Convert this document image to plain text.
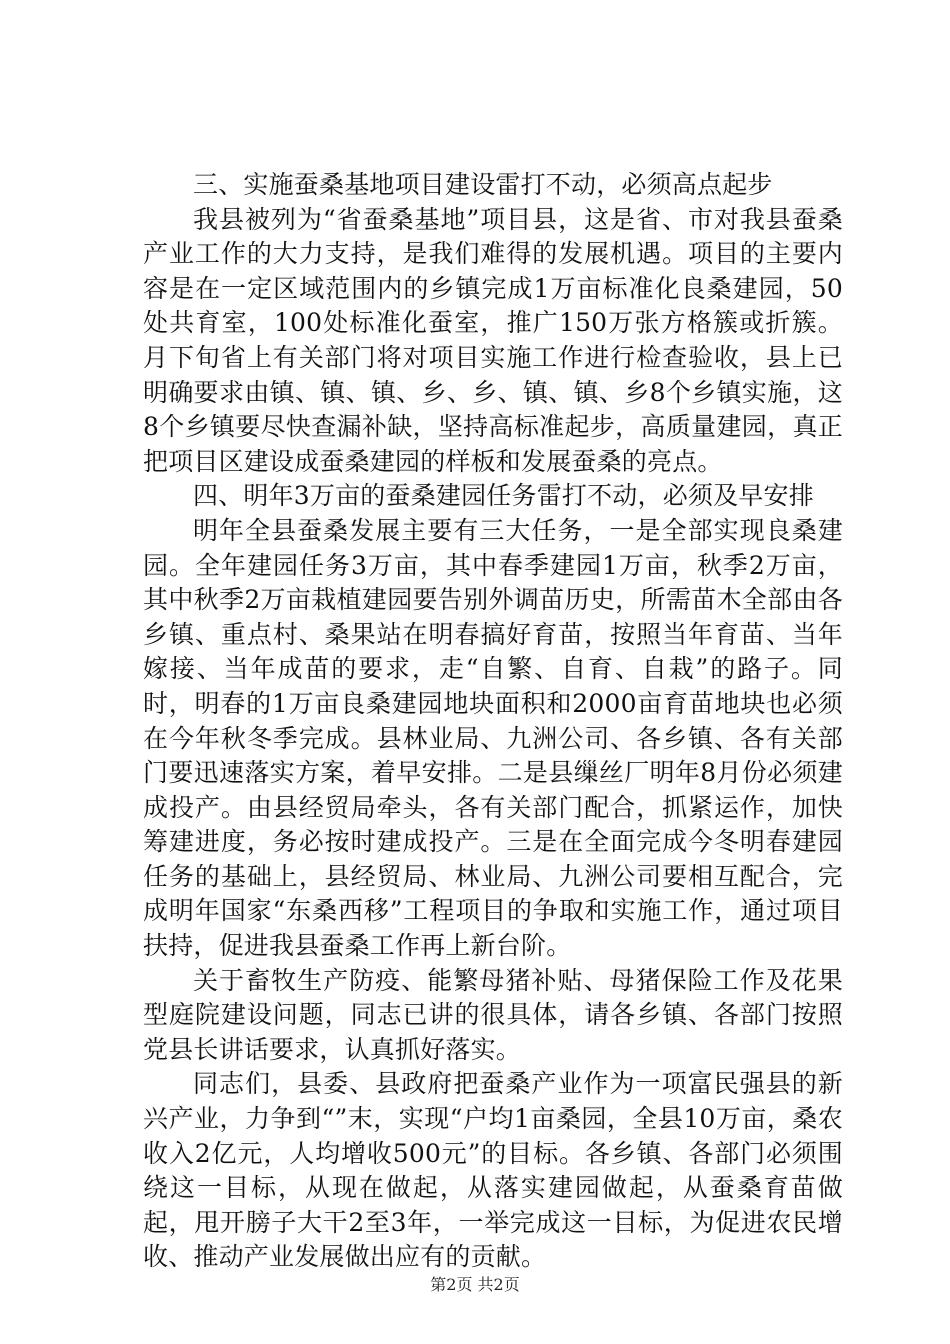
三、实施蚕桑基地项目建设雷打不动，必须高点起步

我县被列为“省蚕桑基地”项目县，这是省、市对我县蚕桑产业工作的大力支持，是我们难得的发展机遇。项目的主要内容是在一定区域范围内的乡镇完成1万亩标准化良桑建园，50处共育室，100处标准化蚕室，推广150万张方格簇或折簇。月下旬省上有关部门将对项目实施工作进行检查验收，县上已明确要求由镇、镇、镇、乡、乡、镇、镇、乡8个乡镇实施，这8个乡镇要尽快查漏补缺，坚持高标准起步，高质量建园，真正把项目区建设成蚕桑建园的样板和发展蚕桑的亮点。

四、明年3万亩的蚕桑建园任务雷打不动，必须及早安排

明年全县蚕桑发展主要有三大任务，一是全部实现良桑建园。全年建园任务3万亩，其中春季建园1万亩，秋季2万亩，其中秋季2万亩栽植建园要告别外调苗历史，所需苗木全部由各乡镇、重点村、桑果站在明春搞好育苗，按照当年育苗、当年嫁接、当年成苗的要求，走“自繁、自育、自栽”的路子。同时，明春的1万亩良桑建园地块面积和2000亩育苗地块也必须在今年秋冬季完成。县林业局、九洲公司、各乡镇、各有关部门要迅速落实方案，着早安排。二是县缫丝厂明年8月份必须建成投产。由县经贸局牵头，各有关部门配合，抓紧运作，加快筹建进度，务必按时建成投产。三是在全面完成今冬明春建园任务的基础上，县经贸局、林业局、九洲公司要相互配合，完成明年国家“东桑西移”工程项目的争取和实施工作，通过项目扶持，促进我县蚕桑工作再上新台阶。

关于畜牧生产防疫、能繁母猪补贴、母猪保险工作及花果型庭院建设问题，同志已讲的很具体，请各乡镇、各部门按照党县长讲话要求，认真抓好落实。

同志们，县委、县政府把蚕桑产业作为一项富民强县的新兴产业，力争到“”末，实现“户均1亩桑园，全县10万亩，桑农收入2亿元，人均增收500元”的目标。各乡镇、各部门必须围绕这一目标，从现在做起，从落实建园做起，从蚕桑育苗做起，甩开膀子大干2至3年，一举完成这一目标，为促进农民增收、推动产业发展做出应有的贡献。

第2页 共2页
